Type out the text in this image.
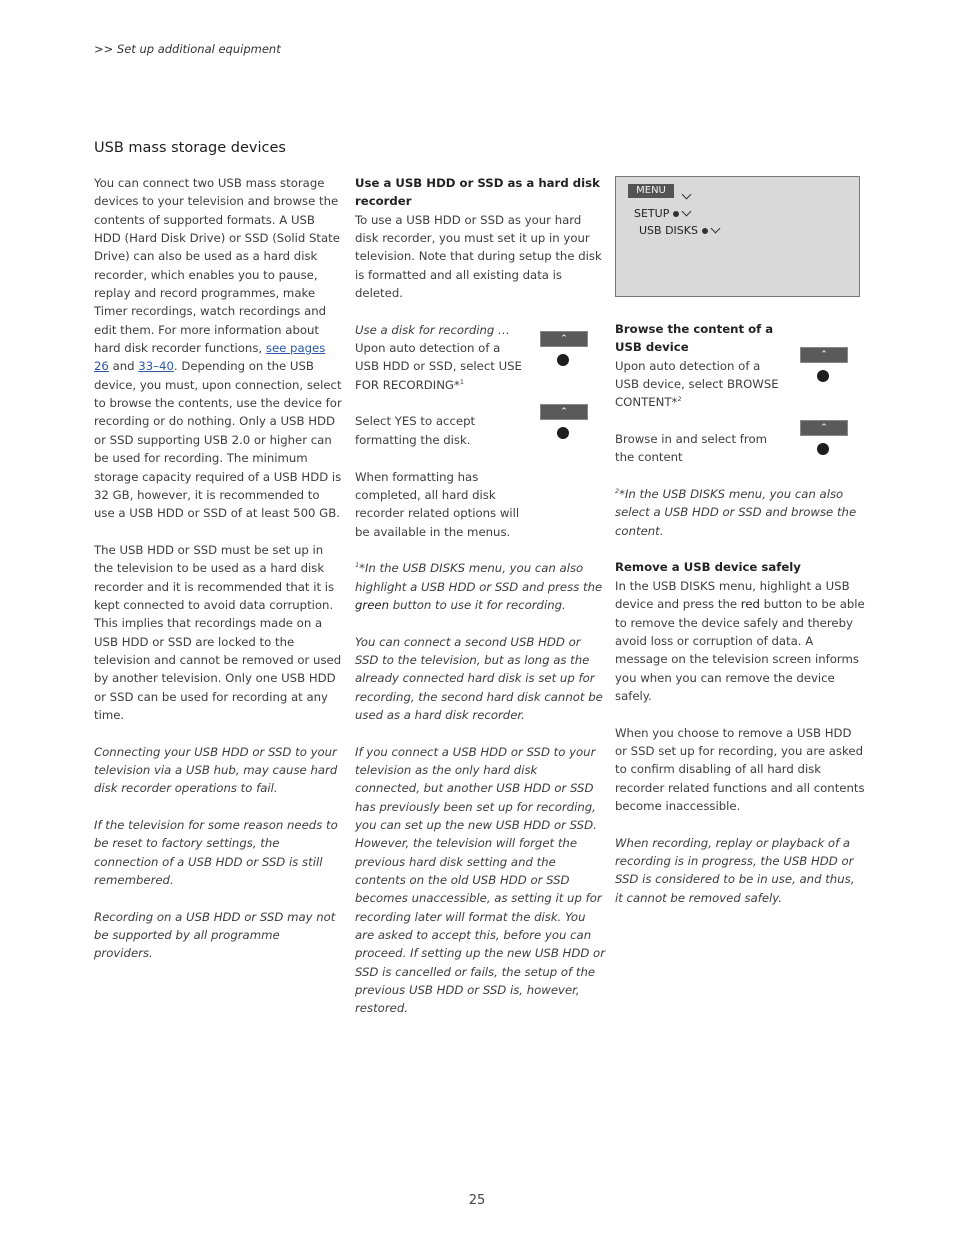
>> Set up additional equipment
USB mass storage devices

You can connect two USB mass storage devices to your television and browse the contents of supported formats. A USB HDD (Hard Disk Drive) or SSD (Solid State Drive) can also be used as a hard disk recorder, which enables you to pause, replay and record programmes, make Timer recordings, watch recordings and edit them. For more information about hard disk recorder functions, see pages 26 and 33–40. Depending on the USB device, you must, upon connection, select to browse the contents, use the device for recording or do nothing. Only a USB HDD or SSD supporting USB 2.0 or higher can be used for recording. The minimum storage capacity required of a USB HDD is 32 GB, however, it is recommended to use a USB HDD or SSD of at least 500 GB.

The USB HDD or SSD must be set up in the television to be used as a hard disk recorder and it is recommended that it is kept connected to avoid data corruption. This implies that recordings made on a USB HDD or SSD are locked to the television and cannot be removed or used by another television. Only one USB HDD or SSD can be used for recording at any time.

Connecting your USB HDD or SSD to your television via a USB hub, may cause hard disk recorder operations to fail.

If the television for some reason needs to be reset to factory settings, the connection of a USB HDD or SSD is still remembered.

Recording on a USB HDD or SSD may not be supported by all programme providers.

Use a USB HDD or SSD as a hard disk recorder
To use a USB HDD or SSD as your hard disk recorder, you must set it up in your television. Note that during setup the disk is formatted and all existing data is deleted.

Use a disk for recording …
Upon auto detection of a USB HDD or SSD, select USE FOR RECORDING*$^1$

⌃

Select YES to accept formatting the disk.

⌃

When formatting has completed, all hard disk recorder related options will be available in the menus.

$^1$*In the USB DISKS menu, you can also highlight a USB HDD or SSD and press the green button to use it for recording.

You can connect a second USB HDD or SSD to the television, but as long as the already connected hard disk is set up for recording, the second hard disk cannot be used as a hard disk recorder.

If you connect a USB HDD or SSD to your television as the only hard disk connected, but another USB HDD or SSD has previously been set up for recording, you can set up the new USB HDD or SSD. However, the television will forget the previous hard disk setting and the contents on the old USB HDD or SSD becomes unaccessible, as setting it up for recording later will format the disk. You are asked to accept this, before you can proceed. If setting up the new USB HDD or SSD is cancelled or fails, the setup of the previous USB HDD or SSD is, however, restored.

MENU
SETUP
USB DISKS

Browse the content of a USB device

Upon auto detection of a USB device, select BROWSE CONTENT*$^2$

⌃

Browse in and select from the content

⌃

$^2$*In the USB DISKS menu, you can also select a USB HDD or SSD and browse the content.

Remove a USB device safely
In the USB DISKS menu, highlight a USB device and press the red button to be able to remove the device safely and thereby avoid loss or corruption of data. A message on the television screen informs you when you can remove the device safely.

When you choose to remove a USB HDD or SSD set up for recording, you are asked to confirm disabling of all hard disk recorder related functions and all contents become inaccessible.

When recording, replay or playback of a recording is in progress, the USB HDD or SSD is considered to be in use, and thus, it cannot be removed safely.

25
